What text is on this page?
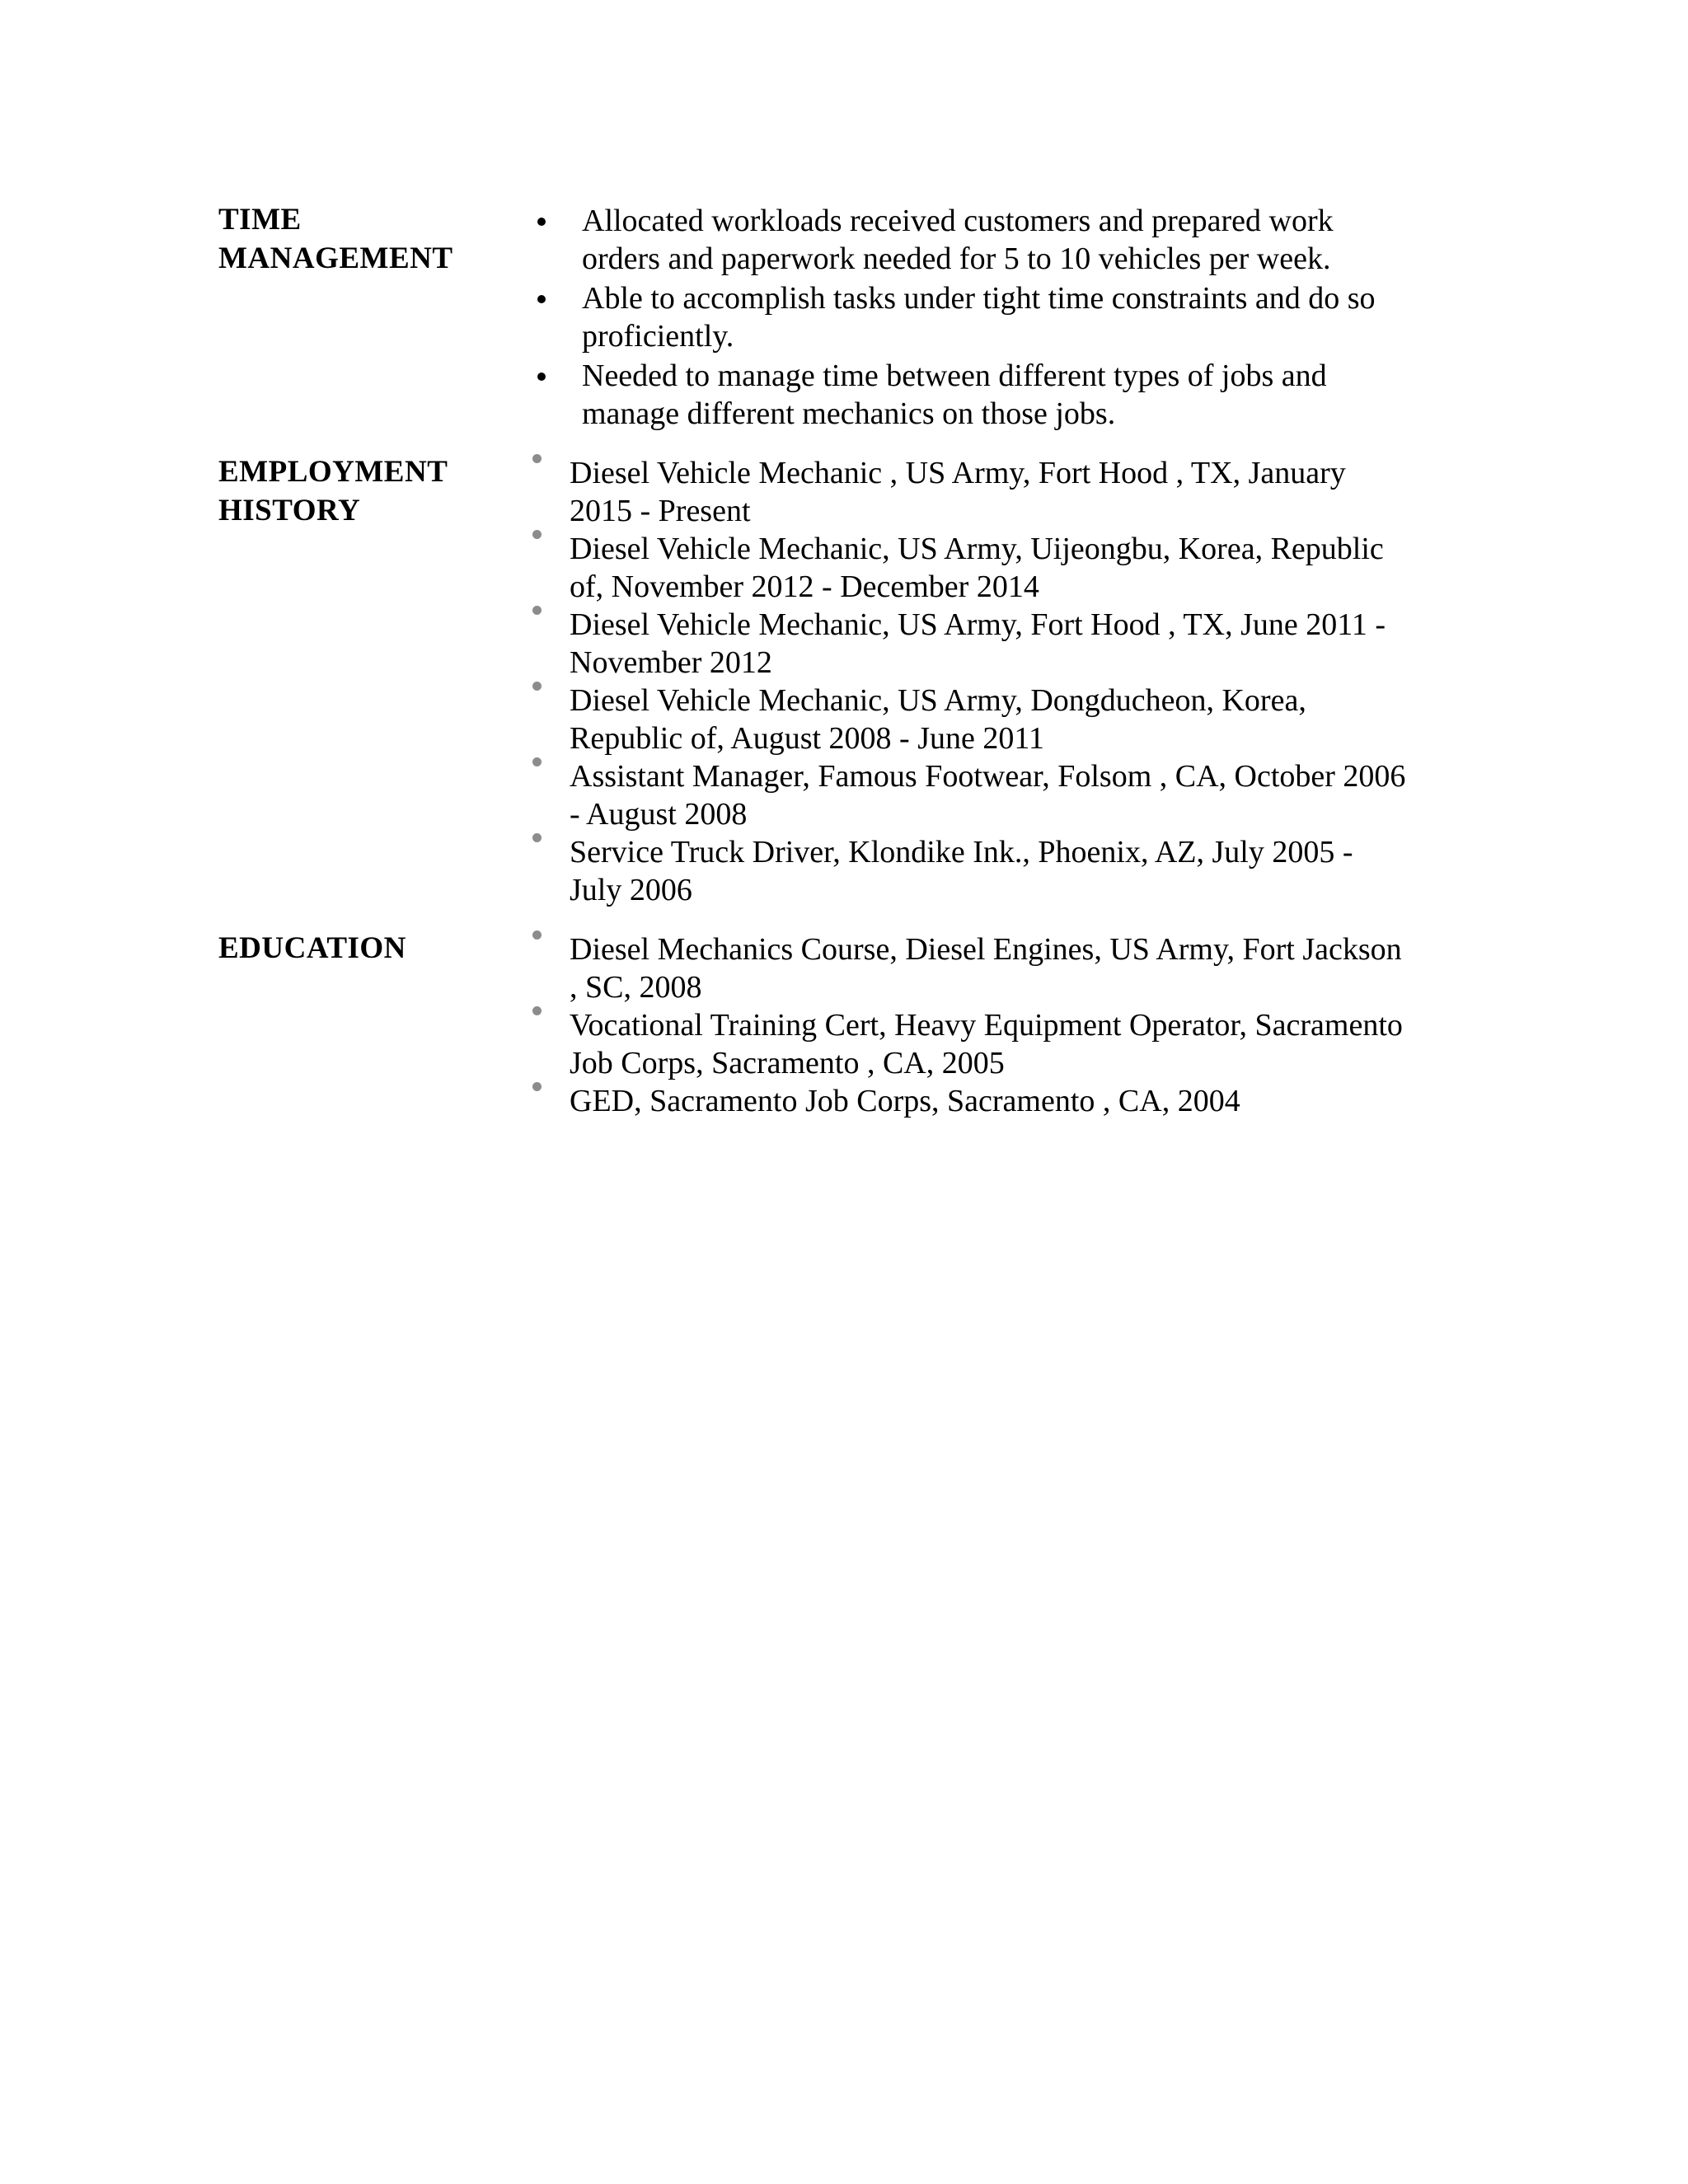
TIME
MANAGEMENT
Allocated workloads received customers and prepared work
orders and paperwork needed for 5 to 10 vehicles per week.
Able to accomplish tasks under tight time constraints and do so
proficiently.
Needed to manage time between different types of jobs and
manage different mechanics on those jobs.
EMPLOYMENT
HISTORY
Diesel Vehicle Mechanic , US Army, Fort Hood , TX, January
2015 - Present
Diesel Vehicle Mechanic, US Army, Uijeongbu, Korea, Republic
of, November 2012 - December 2014
Diesel Vehicle Mechanic, US Army, Fort Hood , TX, June 2011 -
November 2012
Diesel Vehicle Mechanic, US Army, Dongducheon, Korea,
Republic of, August 2008 - June 2011
Assistant Manager, Famous Footwear, Folsom , CA, October 2006
- August 2008
Service Truck Driver, Klondike Ink., Phoenix, AZ, July 2005 -
July 2006
EDUCATION	Diesel Mechanics Course, Diesel Engines, US Army, Fort Jackson
, SC, 2008
Vocational Training Cert, Heavy Equipment Operator, Sacramento
Job Corps, Sacramento , CA, 2005
GED, Sacramento Job Corps, Sacramento , CA, 2004
